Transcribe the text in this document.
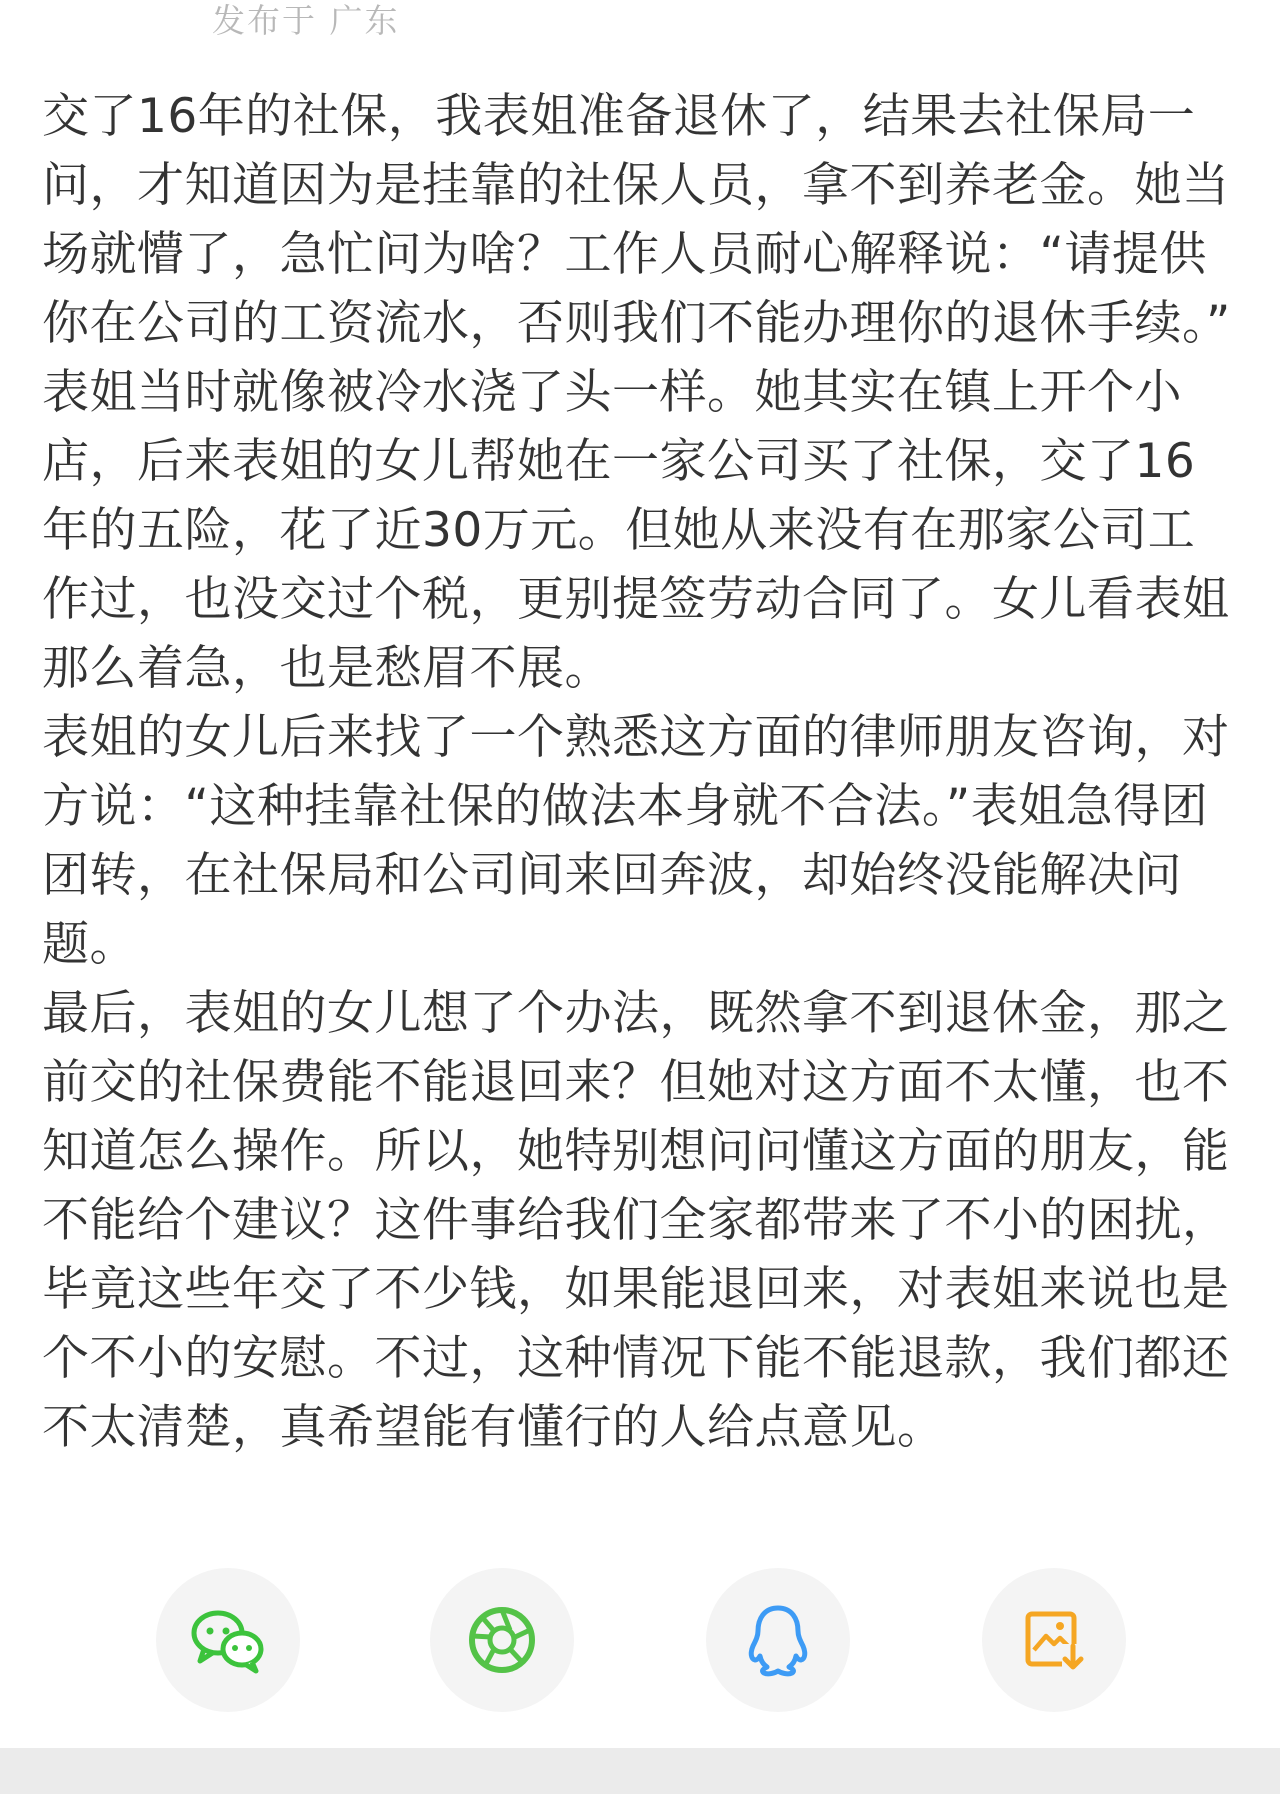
发布于 广东

交了16年的社保，我表姐准备退休了，结果去社保局一问，才知道因为是挂靠的社保人员，拿不到养老金。她当场就懵了，急忙问为啥？工作人员耐心解释说：“请提供你在公司的工资流水，否则我们不能办理你的退休手续。”

表姐当时就像被冷水浇了头一样。她其实在镇上开个小店，后来表姐的女儿帮她在一家公司买了社保，交了16年的五险，花了近30万元。但她从来没有在那家公司工作过，也没交过个税，更别提签劳动合同了。女儿看表姐那么着急，也是愁眉不展。

表姐的女儿后来找了一个熟悉这方面的律师朋友咨询，对方说：“这种挂靠社保的做法本身就不合法。”表姐急得团团转，在社保局和公司间来回奔波，却始终没能解决问题。

最后，表姐的女儿想了个办法，既然拿不到退休金，那之前交的社保费能不能退回来？但她对这方面不太懂，也不知道怎么操作。所以，她特别想问问懂这方面的朋友，能不能给个建议？这件事给我们全家都带来了不小的困扰，毕竟这些年交了不少钱，如果能退回来，对表姐来说也是个不小的安慰。不过，这种情况下能不能退款，我们都还不太清楚，真希望能有懂行的人给点意见。
